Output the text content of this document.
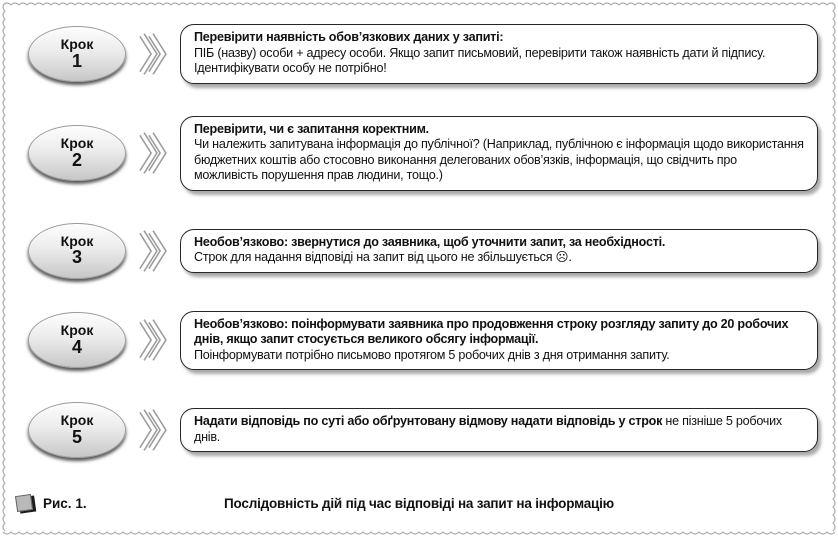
Крок
1
Перевірити наявність обов’язкових даних у запиті:
ПІБ (назву) особи + адресу особи. Якщо запит письмовий, перевірити також наявність дати й підпису. Ідентифікувати особу не потрібно!
Крок
2
Перевірити, чи є запитання коректним.
Чи належить запитувана інформація до публічної? (Наприклад, публічною є інформація щодо використання бюджетних коштів або стосовно виконання делегованих обов’язків, інформація, що свідчить про можливість порушення прав людини, тощо.)
Крок
3
Необов’язково: звернутися до заявника, щоб уточнити запит, за необхідності.
Строк для надання відповіді на запит від цього не збільшується ☹.
Крок
4
Необов’язково: поінформувати заявника про продовження строку розгляду запиту до 20 робочих днів, якщо запит стосується великого обсягу інформації.
Поінформувати потрібно письмово протягом 5 робочих днів з дня отримання запиту.
Крок
5
Надати відповідь по суті або обґрунтовану відмову надати відповідь у строк не пізніше 5 робочих днів.
Рис. 1.	Послідовність дій під час відповіді на запит на інформацію
